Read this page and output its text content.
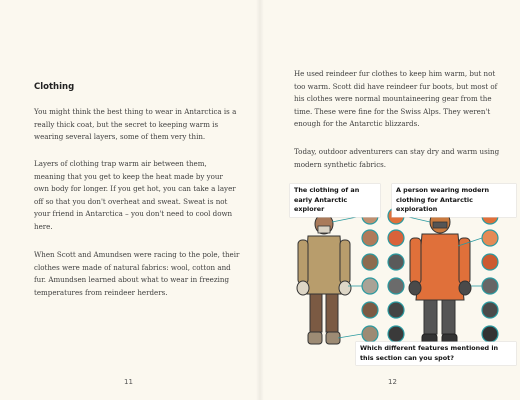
Clothing

You might think the best thing to wear in Antarctica is a really thick coat, but the secret to keeping warm is wearing several layers, some of them very thin.

Layers of clothing trap warm air between them, meaning that you get to keep the heat made by your own body for longer. If you get hot, you can take a layer off so that you don't overheat and sweat. Sweat is not your friend in Antarctica – you don't need to cool down here.

When Scott and Amundsen were racing to the pole, their clothes were made of natural fabrics: wool, cotton and fur. Amundsen learned about what to wear in freezing temperatures from reindeer herders.

11

He used reindeer fur clothes to keep him warm, but not too warm. Scott did have reindeer fur boots, but most of his clothes were normal mountaineering gear from the time. These were fine for the Swiss Alps. They weren't enough for the Antarctic blizzards.

Today, outdoor adventurers can stay dry and warm using modern synthetic fabrics.

The clothing of an early Antarctic explorer
A person wearing modern clothing for Antarctic exploration
Which different features mentioned in this section can you spot?
12
